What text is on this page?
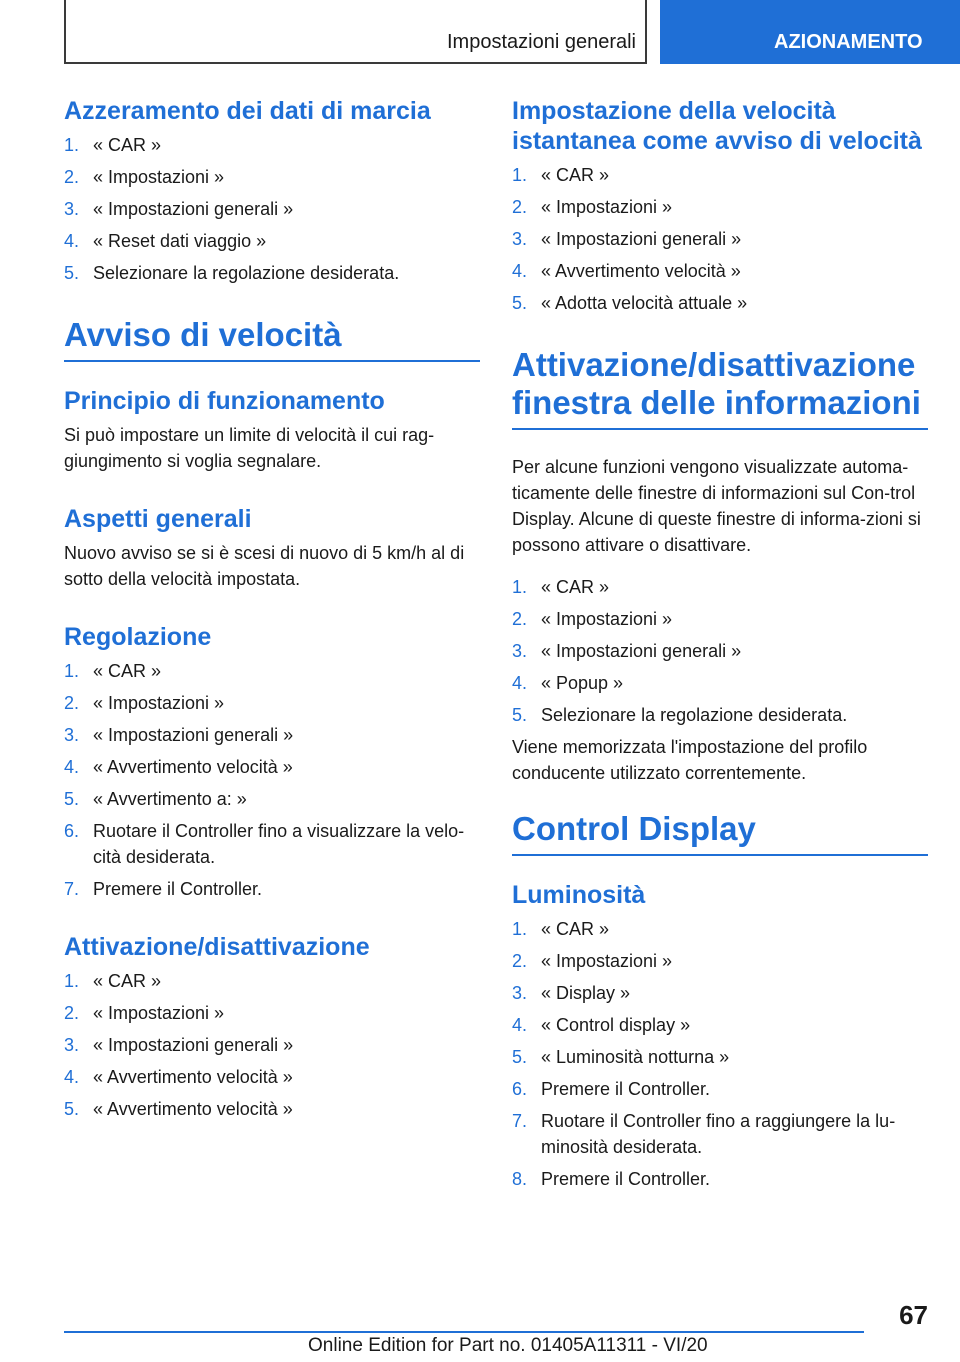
Impostazioni generali	AZIONAMENTO
Azzeramento dei dati di marcia
1. « CAR »
2. « Impostazioni »
3. « Impostazioni generali »
4. « Reset dati viaggio »
5. Selezionare la regolazione desiderata.
Avviso di velocità
Principio di funzionamento

Si può impostare un limite di velocità il cui rag-giungimento si voglia segnalare.

Aspetti generali

Nuovo avviso se si è scesi di nuovo di 5 km/h al di sotto della velocità impostata.

Regolazione
1. « CAR »
2. « Impostazioni »
3. « Impostazioni generali »
4. « Avvertimento velocità »
5. « Avvertimento a: »
6. Ruotare il Controller fino a visualizzare la velo-cità desiderata.
7. Premere il Controller.
Attivazione/disattivazione
1. « CAR »
2. « Impostazioni »
3. « Impostazioni generali »
4. « Avvertimento velocità »
5. « Avvertimento velocità »
Impostazione della velocità istantanea come avviso di velocità
1. « CAR »
2. « Impostazioni »
3. « Impostazioni generali »
4. « Avvertimento velocità »
5. « Adotta velocità attuale »
Attivazione/disattivazione finestra delle informazioni

Per alcune funzioni vengono visualizzate automa-ticamente delle finestre di informazioni sul Con-trol Display. Alcune di queste finestre di informa-zioni si possono attivare o disattivare.

1. « CAR »
2. « Impostazioni »
3. « Impostazioni generali »
4. « Popup »
5. Selezionare la regolazione desiderata.

Viene memorizzata l'impostazione del profilo conducente utilizzato correntemente.

Control Display
Luminosità
1. « CAR »
2. « Impostazioni »
3. « Display »
4. « Control display »
5. « Luminosità notturna »
6. Premere il Controller.
7. Ruotare il Controller fino a raggiungere la lu-minosità desiderata.
8. Premere il Controller.
67
Online Edition for Part no. 01405A11311 - VI/20
